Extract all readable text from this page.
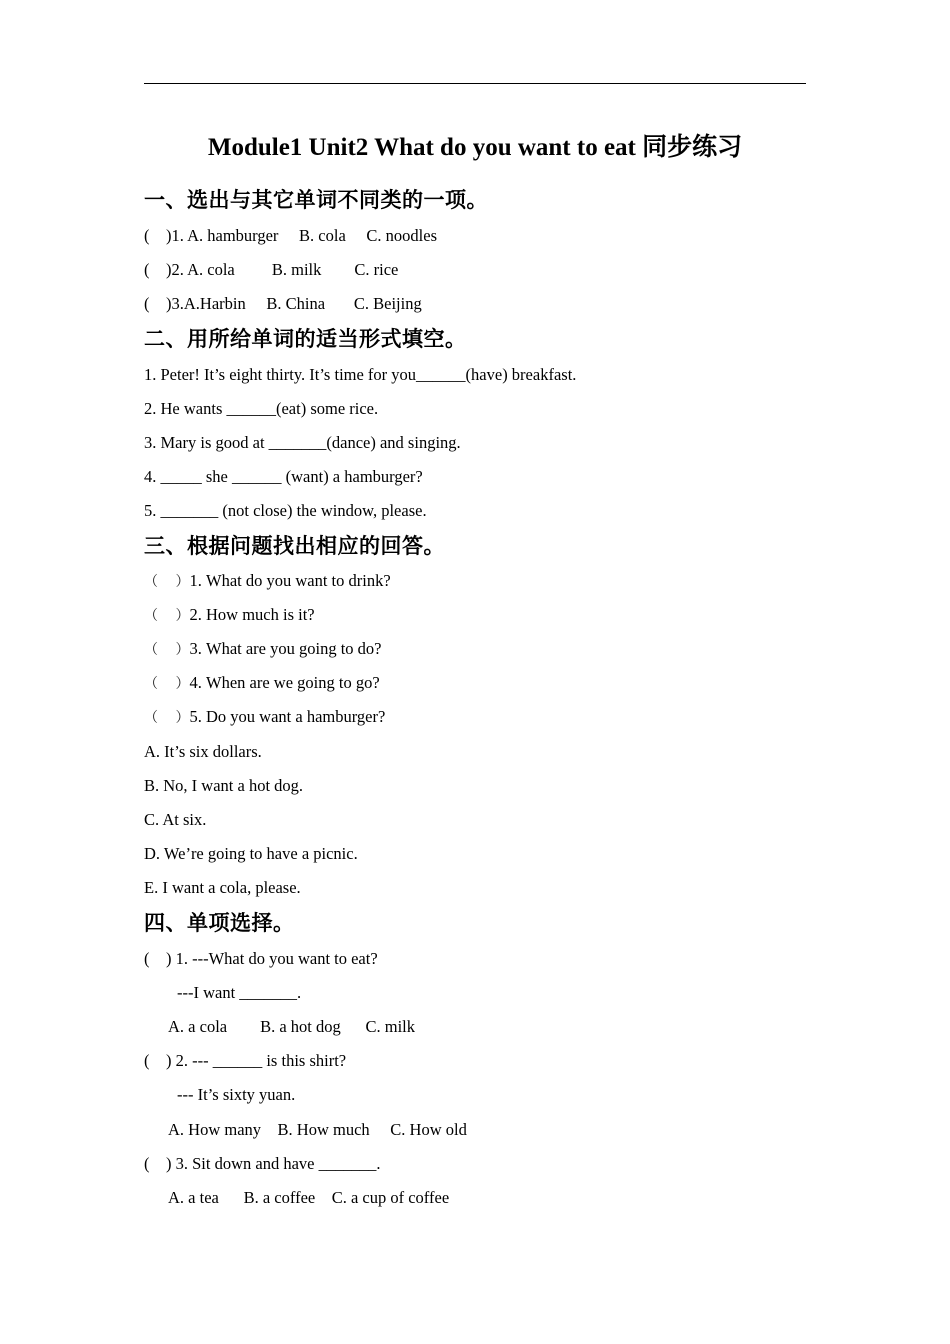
Module1 Unit2 What do you want to eat 同步练习
一、选出与其它单词不同类的一项。
(    )1. A. hamburger     B. cola     C. noodles
(    )2. A. cola         B. milk        C. rice
(    )3.A.Harbin     B. China       C. Beijing
二、用所给单词的适当形式填空。
1. Peter! It’s eight thirty. It’s time for you______(have) breakfast.
2. He wants ______(eat) some rice.
3. Mary is good at _______(dance) and singing.
4. _____ she ______ (want) a hamburger?
5. _______ (not close) the window, please.
三、根据问题找出相应的回答。
（     ）1. What do you want to drink?
（     ）2. How much is it?
（     ）3. What are you going to do?
（     ）4. When are we going to go?
（     ）5. Do you want a hamburger?
A. It’s six dollars.
B. No, I want a hot dog.
C. At six.
D. We’re going to have a picnic.
E. I want a cola, please.
四、单项选择。
(    ) 1. ---What do you want to eat?
---I want _______.
A. a cola        B. a hot dog      C. milk
(    ) 2. --- ______ is this shirt?
--- It’s sixty yuan.
A. How many    B. How much     C. How old
(    ) 3. Sit down and have _______.
A. a tea      B. a coffee    C. a cup of coffee
